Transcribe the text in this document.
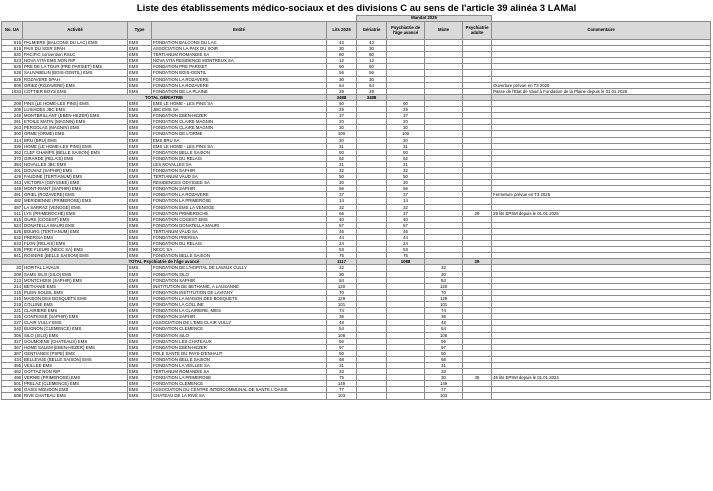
Liste des établissements médico-sociaux et des divisions C au sens de l'article 39 alinéa 3 LAMal
					Mandat 2025				
No. UA	Activité	Type	Entité	Lits 2025	Gériatrie	Psychiatrie de l'âge avancé	Mixte	Psychiatrie adulte	Commentaire
516	PALMIERS (BALCONS DU LAC) EMS	EMS	FONDATION BALCONS DU LAC	43	43				
519	PAIX DU SOIR SPAH	EMS	ASSOCIATION LA PAIX DU SOIR	30	30				
520	PACIFIC convention RSLC	EMS	TERTIANUM ROMANDIE SA	80	80				
523	NOVA VITA EMS NON RIP	EMS	NOVA VITA RESIDENCE MONTREUX SA	12	12				
525	PRE DE LA TOUR (PRE PARISET) EMS	EMS	FONDATION PRE PARISET	50	50				
528	SAUVABELIN (BOIS-GENTIL) EMS	EMS	FONDATION BOIS-GENTIL	56	56				
529	ROZAVERE SPAH	EMS	FONDATION LA ROZAVERE	30	30				
809	ORIEZ (ROZAVERE) EMS	EMS	FONDATION LA ROZAVERE	64	64				Ouverture prévue en T3 2025
1033	COTTIER BOYS EMS	EMS	FONDATION DE LA PLAINE	29	29				Passe de l'Etat de Vaud à Fondation de la Plaine depuis le 01.01.2025
TOTAL GÉRIATRIE				3488	3488				
208	PINS (LE HOME-LES PINS) EMS	EMS	EMS LE HOME - LES PINS SA	60		60			
209	LUSIADES JBC EMS	EMS	JBC EMS SA	29		29			
249	MONTBRILLANT (EBEN-HEZER) EMS	EMS	FONDATION EBEN-HEZER	37		37			
261	ETOILE MATIN (MAGNIN) EMS	EMS	FONDATION CLAIRE MAGNIN	20		20			
263	PERGOLAS (MAGNIN) EMS	EMS	FONDATION CLAIRE MAGNIN	30		30			
300	ORME (ORME) EMS	EMS	FONDATION DE L'ORME	100		100			
314	BRU (BRU) EMS	EMS	EMS BRU SA	20		20			
339	HOME (LE HOME-LES PINS) EMS	EMS	EMS LE HOME - LES PINS SA	31		31			
362	CLEF CHAMPS (BELLE SAISON) EMS	EMS	FONDATION BELLE SAISON	50		50			
370	GIRARDE (RELAIS) EMS	EMS	FONDATION DU RELAIS	62		62			
384	NOVALLES JBC EMS	EMS	LES NOVALLES SA	21		21			
401	DOUVAZ (SAPHIR) EMS	EMS	FONDATION SAPHIR	32		32			
429	FAUDINE (TERTIANUM) EMS	EMS	TERTIANUM VAUD SA	50		50			
443	VICTORIA (ODYSSEE) EMS	EMS	RESIDENCES ODYSSEE SA	30		30			
449	MONT-RIANT (SAPHIR) EMS	EMS	FONDATION SAPHIR	56		56			
481	ORIEL (ROZAVERE) EMS	EMS	FONDATION LA ROZAVERE	37		37			Fermeture prévue en T3 2025
482	MERIDIENNE (PRIMEROSE) EMS	EMS	FONDATION LA PRIMEROSE	14		14			
487	LA SARRAZ (VENOGE) EMS	EMS	FONDATION EMS LA VENOGE	32		32			
511	LYS (PRIMEROCHE) EMS	EMS	FONDATION PRIMEROCHE	66		37		29	29 lits EPSM depuis le 01.01.2025
515	OURS (COGEST) EMS	EMS	FONDATION COGEST EMS	40		40			
524	DONATELLA MAURI EMS	EMS	FONDATION DONATELLA MAURI	57		57			
526	BOURG (TERTIANUM) EMS	EMS	TERTIANUM VAUD SA	46		46			
532	PRERISA EMS	EMS	FONDATION PRERISA	44		44			
533	FLON (RELAIS) EMS	EMS	FONDATION DU RELAIS	24		24			
535	PRE FLEURI (NECC SA) EMS	EMS	NECC SA	53		53			
841	ROSIERE (BELLE SAISON) EMS	EMS	FONDATION BELLE SAISON	76		76			
TOTAL Psychiatrie de l'âge avancé				1117		1088		29	
20	HOPITAL LAVAUX	EMS	FONDATION DE L'HOPITAL DE LAVAUX CULLY	32			32		
209	SAMS SILO (SILO) EMS	EMS	FONDATION SILO	30			30		
213	MONTCHOISI (SAPHIR) EMS	EMS	FONDATION SAPHIR	84			84		
214	BETHANIE EMS	EMS	INSTITUTION DE BETHANIE, A LAUSANNE	120			120		
215	PLEIN SOLEIL EMS	EMS	FONDATION INSTITUTION DE LAVIGNY	70			70		
215	MAISON DES BOSQUETS EMS	EMS	FONDATION LA MAISON DES BOSQUETS	129			129		
219	COLLINE EMS	EMS	FONDATION LA COLLINE	101			101		
221	CLAIRIERE EMS	EMS	FONDATION LA CLAIRIERE, MIES	74			74		
225	CONTESSE (SAPHIR) EMS	EMS	FONDATION SAPHIR	36			36		
227	CLAIR VULLY EMS	EMS	ASSOCIATION DE L'EMS CLAIR VULLY	48			48		
240	BUGNON (CLEMENCE) EMS	EMS	FONDATION CLEMENCE	54			54		
306	SILO (SILO) EMS	EMS	FONDATION SILO	108			108		
327	GOUMOENS (CHATEAUX) EMS	EMS	FONDATION LES CHATEAUX	56			56		
367	HOME SALEM (EBEN-HEZER) EMS	EMS	FONDATION EBEN-HEZER	97			97		
387	GENTIANES (PSPE) EMS	EMS	POLE SANTE DU PAYS-D'ENHAUT	50			50		
434	BELLEVUE (BELLE SAISON) EMS	EMS	FONDATION BELLE SAISON	68			68		
455	VEILLEE EMS	EMS	FONDATION LA VEILLEE SA	31			31		
482	GOTTAZ NON RIP	EMS	TERTIANUM ROMANDIE SA	33			33		
496	VERNIE (PRIMEROSE) EMS	EMS	FONDATION LA PRIMEROSE	75			30	45	45 lits EPSM depuis le 01.01.2024
501	PRELAZ (CLEMENCE) EMS	EMS	FONDATION CLEMENCE	149			149		
506	OASIS MOUDON EMS	EMS	ASSOCIATION DU CENTRE INTERCOMMUNAL DE SANTE L'OASIS	77			77		
508	RIVE CHATEAU EMS	EMS	CHATEAU DE LA RIVE SA	103			103		
